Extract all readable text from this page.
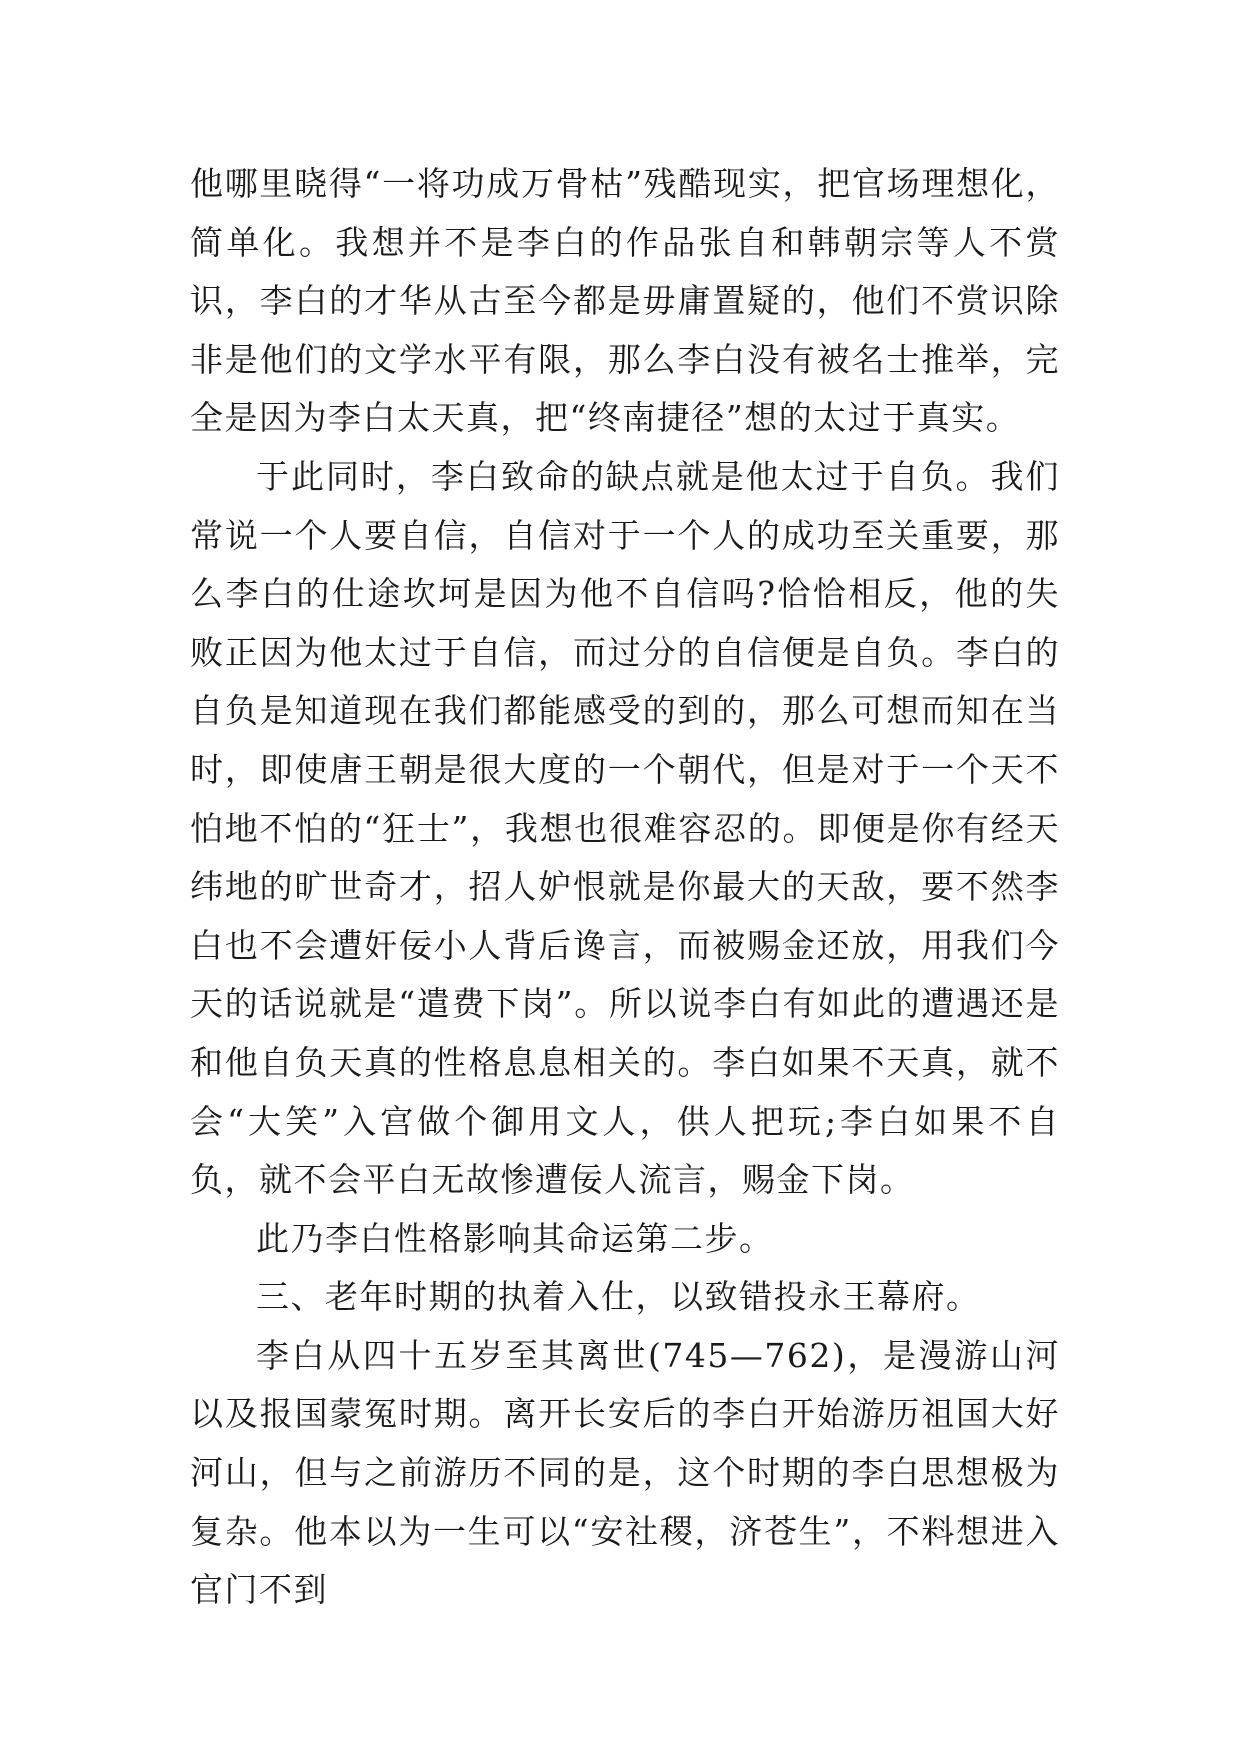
他哪里晓得“一将功成万骨枯”残酷现实，把官场理想化，简单化。我想并不是李白的作品张自和韩朝宗等人不赏识，李白的才华从古至今都是毋庸置疑的，他们不赏识除非是他们的文学水平有限，那么李白没有被名士推举，完全是因为李白太天真，把“终南捷径”想的太过于真实。

于此同时，李白致命的缺点就是他太过于自负。我们常说一个人要自信，自信对于一个人的成功至关重要，那么李白的仕途坎坷是因为他不自信吗?恰恰相反，他的失败正因为他太过于自信，而过分的自信便是自负。李白的自负是知道现在我们都能感受的到的，那么可想而知在当时，即使唐王朝是很大度的一个朝代，但是对于一个天不怕地不怕的“狂士”，我想也很难容忍的。即便是你有经天纬地的旷世奇才，招人妒恨就是你最大的天敌，要不然李白也不会遭奸佞小人背后谗言，而被赐金还放，用我们今天的话说就是“遣费下岗”。所以说李白有如此的遭遇还是和他自负天真的性格息息相关的。李白如果不天真，就不会“大笑”入宫做个御用文人，供人把玩;李白如果不自负，就不会平白无故惨遭佞人流言，赐金下岗。

此乃李白性格影响其命运第二步。

三、老年时期的执着入仕，以致错投永王幕府。

李白从四十五岁至其离世(745—762)，是漫游山河以及报国蒙冤时期。离开长安后的李白开始游历祖国大好河山，但与之前游历不同的是，这个时期的李白思想极为复杂。他本以为一生可以“安社稷，济苍生”，不料想进入官门不到
